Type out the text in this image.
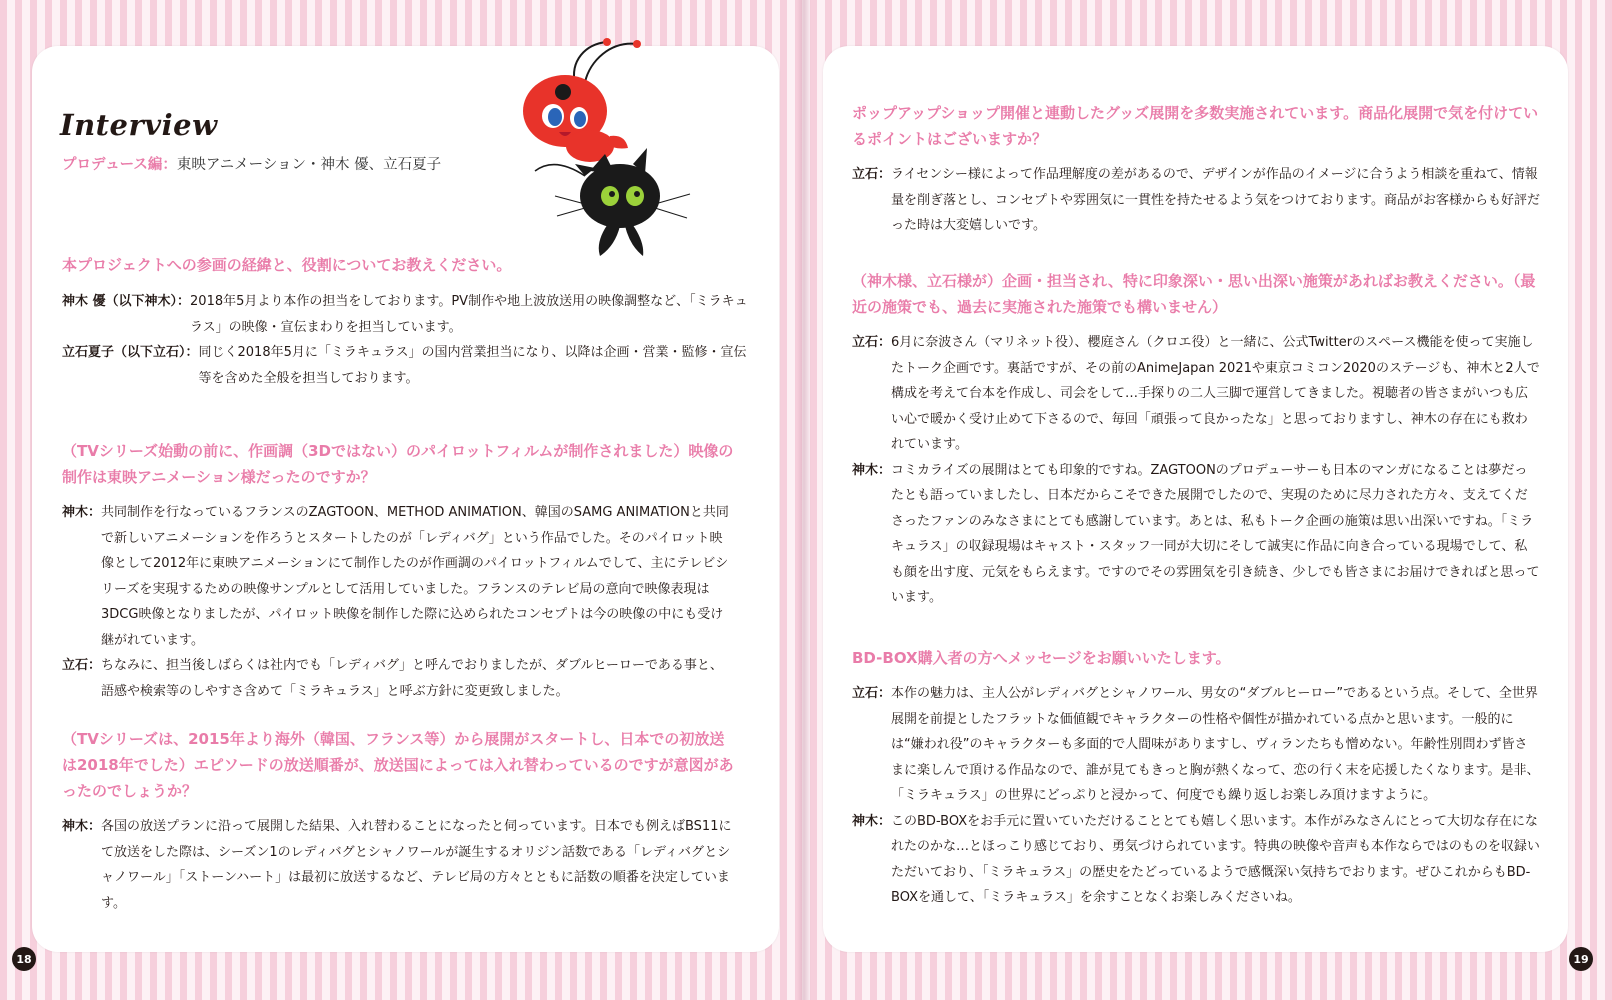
Interview
プロデュース編：東映アニメーション・神木 優、立石夏子
本プロジェクトへの参画の経緯と、役割についてお教えください。
神木 優（以下神木）： 2018年5月より本作の担当をしております。PV制作や地上波放送用の映像調整など、「ミラキュラス」の映像・宣伝まわりを担当しています。
立石夏子（以下立石）： 同じく2018年5月に「ミラキュラス」の国内営業担当になり、以降は企画・営業・監修・宣伝等を含めた全般を担当しております。
（TVシリーズ始動の前に、作画調（3Dではない）のパイロットフィルムが制作されました）映像の制作は東映アニメーション様だったのですか？
神木： 共同制作を行なっているフランスのZAGTOON、METHOD ANIMATION、韓国のSAMG ANIMATIONと共同で新しいアニメーションを作ろうとスタートしたのが「レディバグ」という作品でした。そのパイロット映像として2012年に東映アニメーションにて制作したのが作画調のパイロットフィルムでして、主にテレビシリーズを実現するための映像サンプルとして活用していました。フランスのテレビ局の意向で映像表現は3DCG映像となりましたが、パイロット映像を制作した際に込められたコンセプトは今の映像の中にも受け継がれています。
立石： ちなみに、担当後しばらくは社内でも「レディバグ」と呼んでおりましたが、ダブルヒーローである事と、語感や検索等のしやすさ含めて「ミラキュラス」と呼ぶ方針に変更致しました。
（TVシリーズは、2015年より海外（韓国、フランス等）から展開がスタートし、日本での初放送は2018年でした）エピソードの放送順番が、放送国によっては入れ替わっているのですが意図があったのでしょうか？
神木： 各国の放送プランに沿って展開した結果、入れ替わることになったと伺っています。日本でも例えばBS11にて放送をした際は、シーズン1のレディバグとシャノワールが誕生するオリジン話数である「レディバグとシャノワール」「ストーンハート」は最初に放送するなど、テレビ局の方々とともに話数の順番を決定しています。
18
ポップアップショップ開催と連動したグッズ展開を多数実施されています。商品化展開で気を付けているポイントはございますか？
立石： ライセンシー様によって作品理解度の差があるので、デザインが作品のイメージに合うよう相談を重ねて、情報量を削ぎ落とし、コンセプトや雰囲気に一貫性を持たせるよう気をつけております。商品がお客様からも好評だった時は大変嬉しいです。
（神木様、立石様が）企画・担当され、特に印象深い・思い出深い施策があればお教えください。（最近の施策でも、過去に実施された施策でも構いません）
立石： 6月に奈波さん（マリネット役）、櫻庭さん（クロエ役）と一緒に、公式Twitterのスペース機能を使って実施したトーク企画です。裏話ですが、その前のAnimeJapan 2021や東京コミコン2020のステージも、神木と2人で構成を考えて台本を作成し、司会をして…手探りの二人三脚で運営してきました。視聴者の皆さまがいつも広い心で暖かく受け止めて下さるので、毎回「頑張って良かったな」と思っておりますし、神木の存在にも救われています。
神木： コミカライズの展開はとても印象的ですね。ZAGTOONのプロデューサーも日本のマンガになることは夢だったとも語っていましたし、日本だからこそできた展開でしたので、実現のために尽力された方々、支えてくださったファンのみなさまにとても感謝しています。あとは、私もトーク企画の施策は思い出深いですね。「ミラキュラス」の収録現場はキャスト・スタッフ一同が大切にそして誠実に作品に向き合っている現場でして、私も顔を出す度、元気をもらえます。ですのでその雰囲気を引き続き、少しでも皆さまにお届けできればと思っています。
BD-BOX購入者の方へメッセージをお願いいたします。
立石： 本作の魅力は、主人公がレディバグとシャノワール、男女の“ダブルヒーロー”であるという点。そして、全世界展開を前提としたフラットな価値観でキャラクターの性格や個性が描かれている点かと思います。一般的には“嫌われ役”のキャラクターも多面的で人間味がありますし、ヴィランたちも憎めない。年齢性別問わず皆さまに楽しんで頂ける作品なので、誰が見てもきっと胸が熱くなって、恋の行く末を応援したくなります。是非、「ミラキュラス」の世界にどっぷりと浸かって、何度でも繰り返しお楽しみ頂けますように。
神木： このBD-BOXをお手元に置いていただけることとても嬉しく思います。本作がみなさんにとって大切な存在になれたのかな…とほっこり感じており、勇気づけられています。特典の映像や音声も本作ならではのものを収録いただいており、「ミラキュラス」の歴史をたどっているようで感慨深い気持ちでおります。ぜひこれからもBD-BOXを通して、「ミラキュラス」を余すことなくお楽しみくださいね。
19
